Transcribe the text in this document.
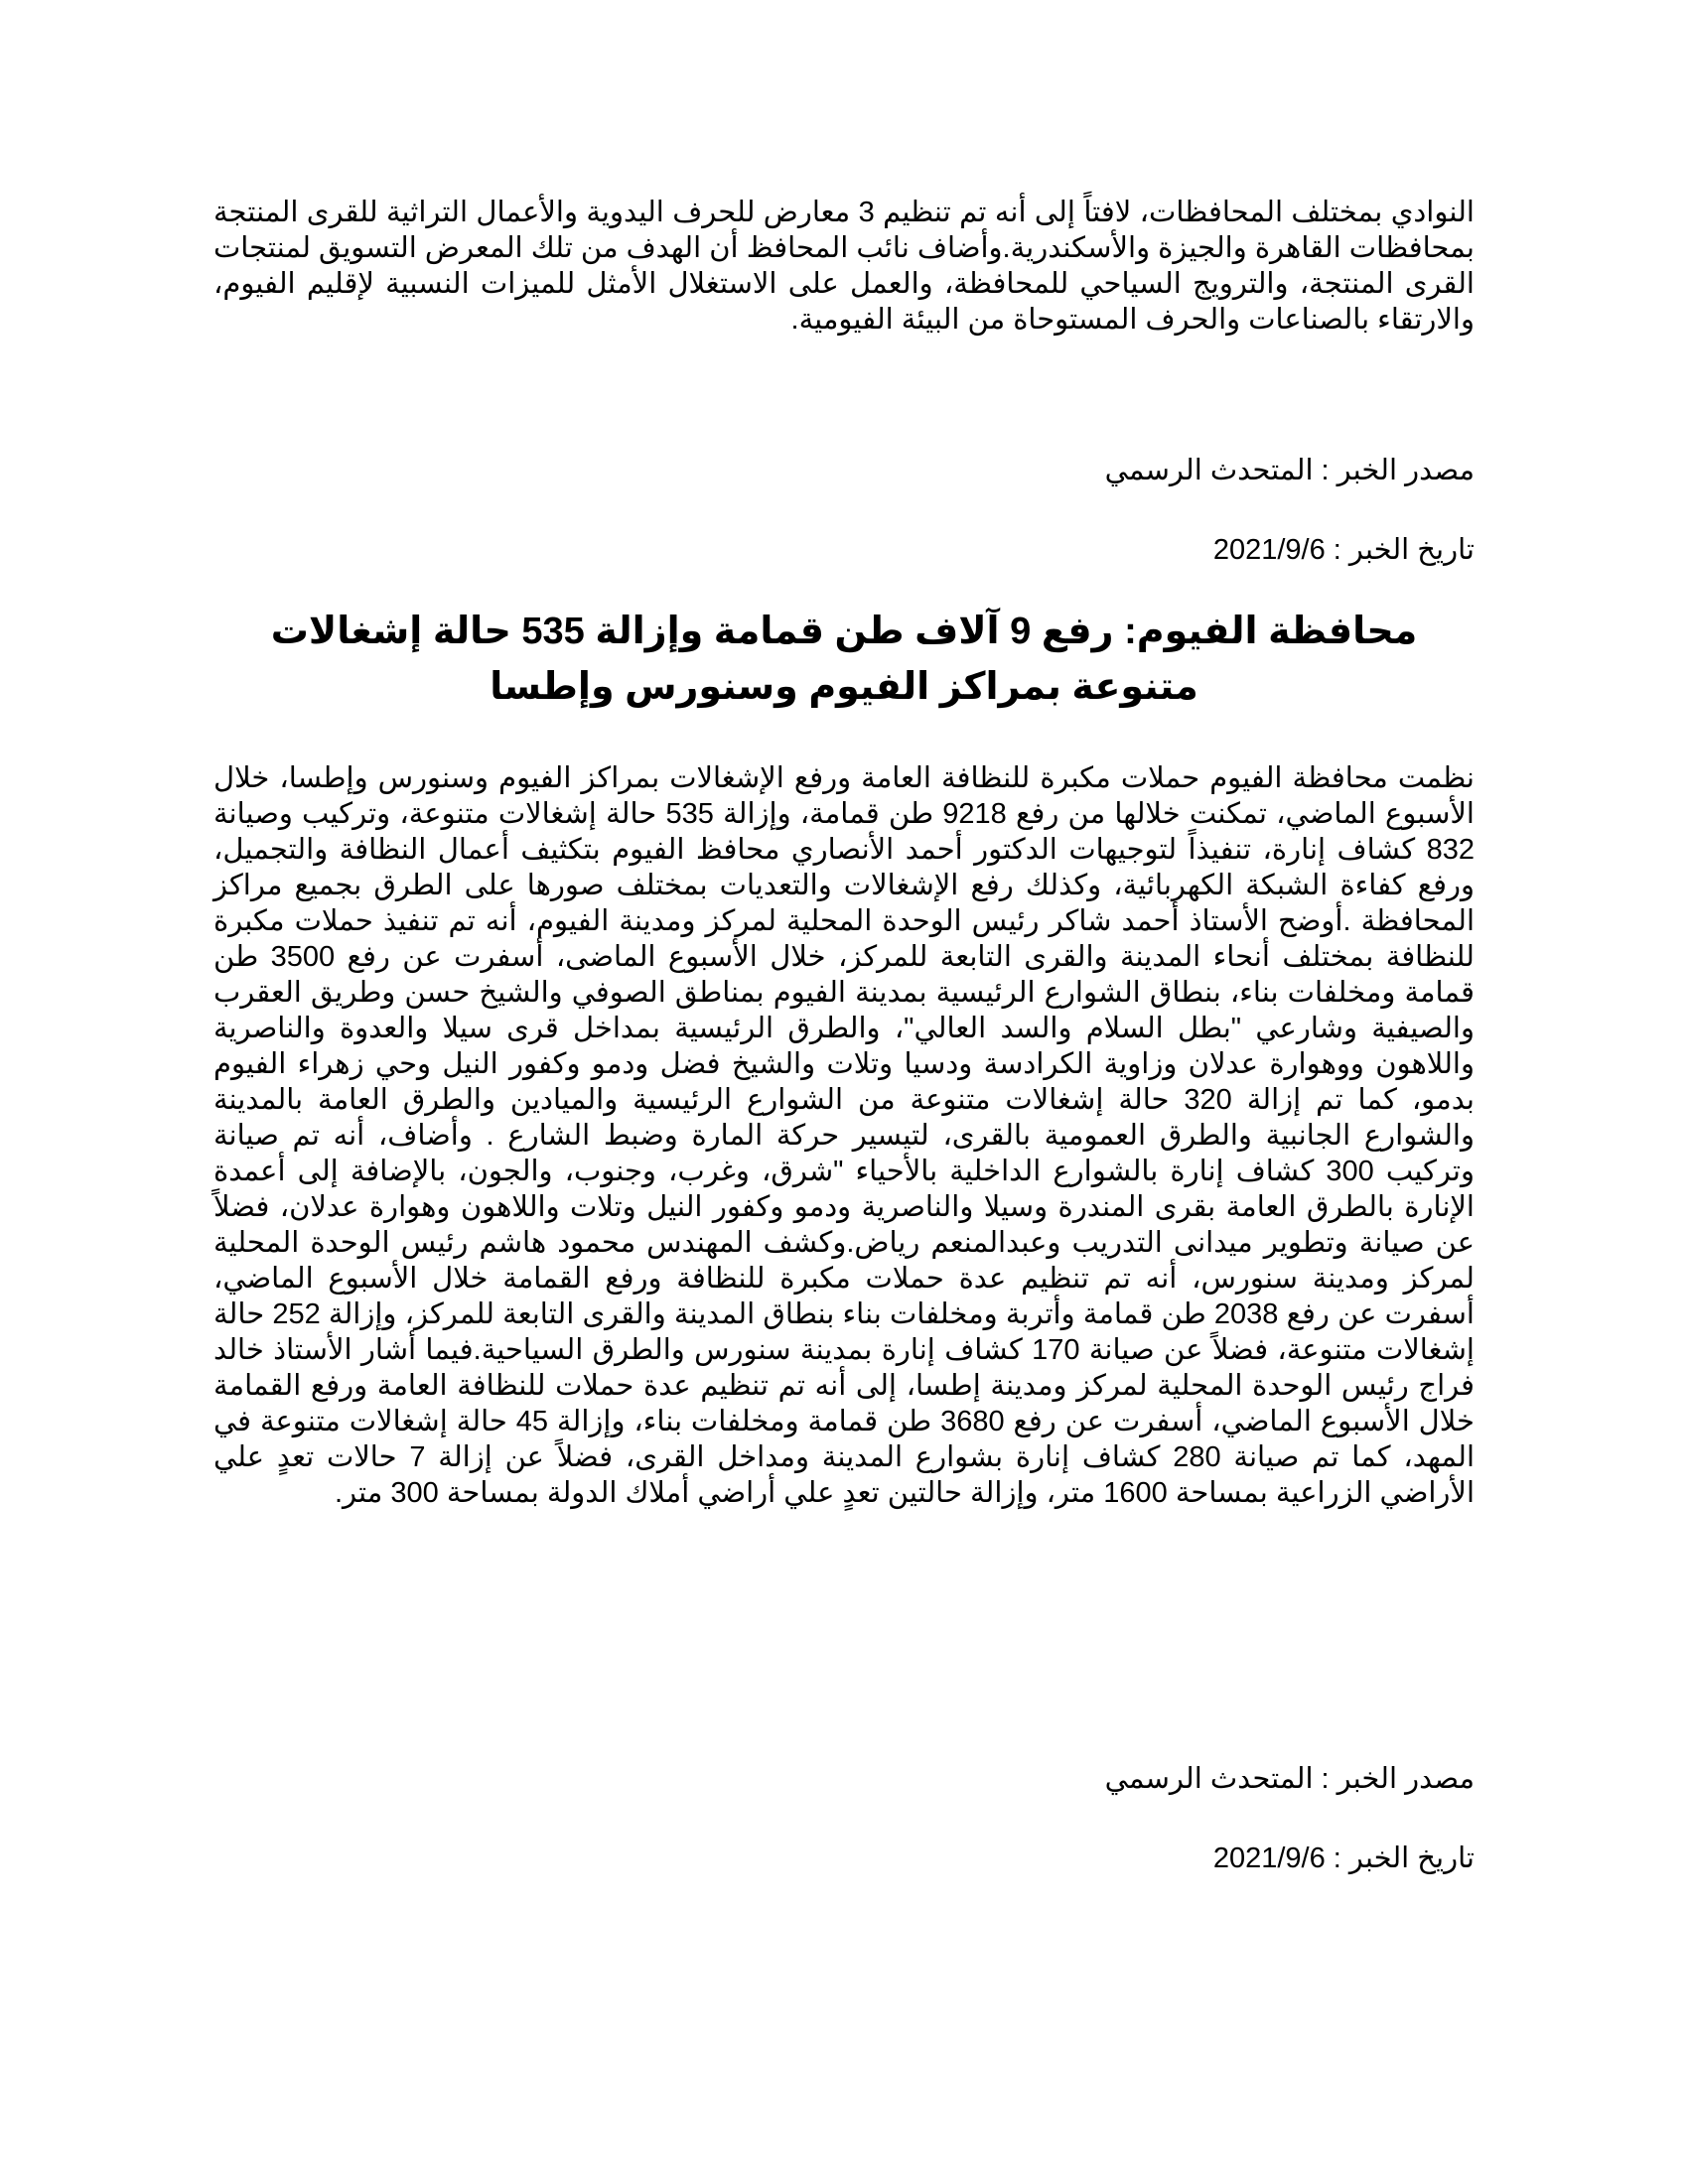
النوادي بمختلف المحافظات، لافتاً إلى أنه تم تنظيم 3 معارض للحرف اليدوية والأعمال التراثية للقرى المنتجة بمحافظات القاهرة والجيزة والأسكندرية.وأضاف نائب المحافظ أن الهدف من تلك المعرض التسويق لمنتجات القرى المنتجة، والترويج السياحي للمحافظة، والعمل على الاستغلال الأمثل للميزات النسبية لإقليم الفيوم، والارتقاء بالصناعات والحرف المستوحاة من البيئة الفيومية.

مصدر الخبر : المتحدث الرسمي

تاريخ الخبر : 2021/9/6

محافظة الفيوم: رفع 9 آلاف طن قمامة وإزالة 535 حالة إشغالات متنوعة بمراكز الفيوم وسنورس وإطسا

نظمت محافظة الفيوم حملات مكبرة للنظافة العامة ورفع الإشغالات بمراكز الفيوم وسنورس وإطسا، خلال الأسبوع الماضي، تمكنت خلالها من رفع 9218 طن قمامة، وإزالة 535 حالة إشغالات متنوعة، وتركيب وصيانة 832 كشاف إنارة، تنفيذاً لتوجيهات الدكتور أحمد الأنصاري محافظ الفيوم بتكثيف أعمال النظافة والتجميل، ورفع كفاءة الشبكة الكهربائية، وكذلك رفع الإشغالات والتعديات بمختلف صورها على الطرق بجميع مراكز المحافظة .أوضح الأستاذ أحمد شاكر رئيس الوحدة المحلية لمركز ومدينة الفيوم، أنه تم تنفيذ حملات مكبرة للنظافة بمختلف أنحاء المدينة والقرى التابعة للمركز، خلال الأسبوع الماضى، أسفرت عن رفع 3500 طن قمامة ومخلفات بناء، بنطاق الشوارع الرئيسية بمدينة الفيوم بمناطق الصوفي والشيخ حسن وطريق العقرب والصيفية وشارعي "بطل السلام والسد العالي"، والطرق الرئيسية بمداخل قرى سيلا والعدوة والناصرية واللاهون ووهوارة عدلان وزاوية الكرادسة ودسيا وتلات والشيخ فضل ودمو وكفور النيل وحي زهراء الفيوم بدمو، كما تم إزالة 320 حالة إشغالات متنوعة من الشوارع الرئيسية والميادين والطرق العامة بالمدينة والشوارع الجانبية والطرق العمومية بالقرى، لتيسير حركة المارة وضبط الشارع . وأضاف، أنه تم صيانة وتركيب 300 كشاف إنارة بالشوارع الداخلية بالأحياء "شرق، وغرب، وجنوب، والجون، بالإضافة إلى أعمدة الإنارة بالطرق العامة بقرى المندرة وسيلا والناصرية ودمو وكفور النيل وتلات واللاهون وهوارة عدلان، فضلاً عن صيانة وتطوير ميدانى التدريب وعبدالمنعم رياض.وكشف المهندس محمود هاشم رئيس الوحدة المحلية لمركز ومدينة سنورس، أنه تم تنظيم عدة حملات مكبرة للنظافة ورفع القمامة خلال الأسبوع الماضي، أسفرت عن رفع 2038 طن قمامة وأتربة ومخلفات بناء بنطاق المدينة والقرى التابعة للمركز، وإزالة 252 حالة إشغالات متنوعة، فضلاً عن صيانة 170 كشاف إنارة بمدينة سنورس والطرق السياحية.فيما أشار الأستاذ خالد فراج رئيس الوحدة المحلية لمركز ومدينة إطسا، إلى أنه تم تنظيم عدة حملات للنظافة العامة ورفع القمامة خلال الأسبوع الماضي، أسفرت عن رفع 3680 طن قمامة ومخلفات بناء، وإزالة 45 حالة إشغالات متنوعة في المهد، كما تم صيانة 280 كشاف إنارة بشوارع المدينة ومداخل القرى، فضلاً عن إزالة 7 حالات تعدٍ علي الأراضي الزراعية بمساحة 1600 متر، وإزالة حالتين تعدٍ علي أراضي أملاك الدولة بمساحة 300 متر.

مصدر الخبر : المتحدث الرسمي

تاريخ الخبر : 2021/9/6
